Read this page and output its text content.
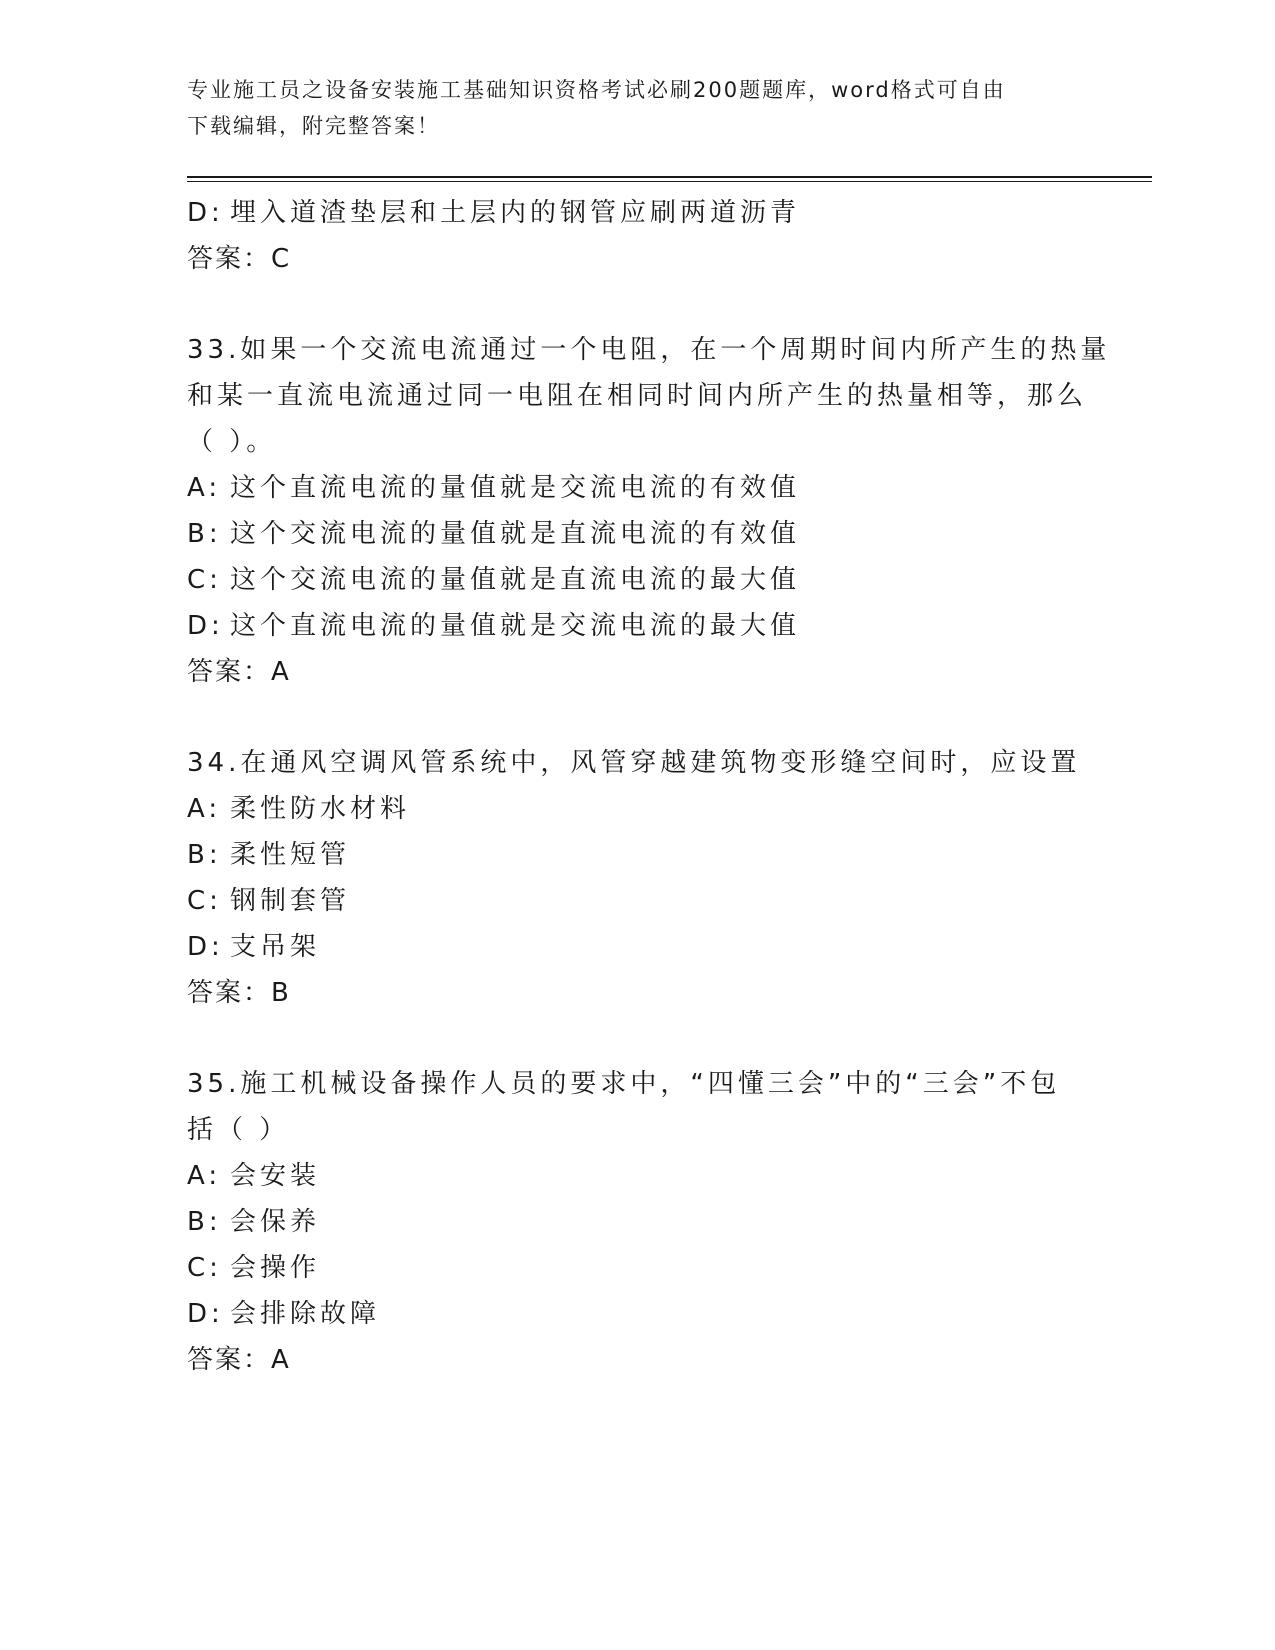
专业施工员之设备安装施工基础知识资格考试必刷200题题库，word格式可自由
下载编辑，附完整答案！
D: 埋入道渣垫层和土层内的钢管应刷两道沥青
答案：C
33.如果一个交流电流通过一个电阻，在一个周期时间内所产生的热量
和某一直流电流通过同一电阻在相同时间内所产生的热量相等，那么
（ ）。
A: 这个直流电流的量值就是交流电流的有效值
B: 这个交流电流的量值就是直流电流的有效值
C: 这个交流电流的量值就是直流电流的最大值
D: 这个直流电流的量值就是交流电流的最大值
答案：A
34.在通风空调风管系统中，风管穿越建筑物变形缝空间时，应设置
A: 柔性防水材料
B: 柔性短管
C: 钢制套管
D: 支吊架
答案：B
35.施工机械设备操作人员的要求中，“四懂三会”中的“三会”不包
括（ ）
A: 会安装
B: 会保养
C: 会操作
D: 会排除故障
答案：A
